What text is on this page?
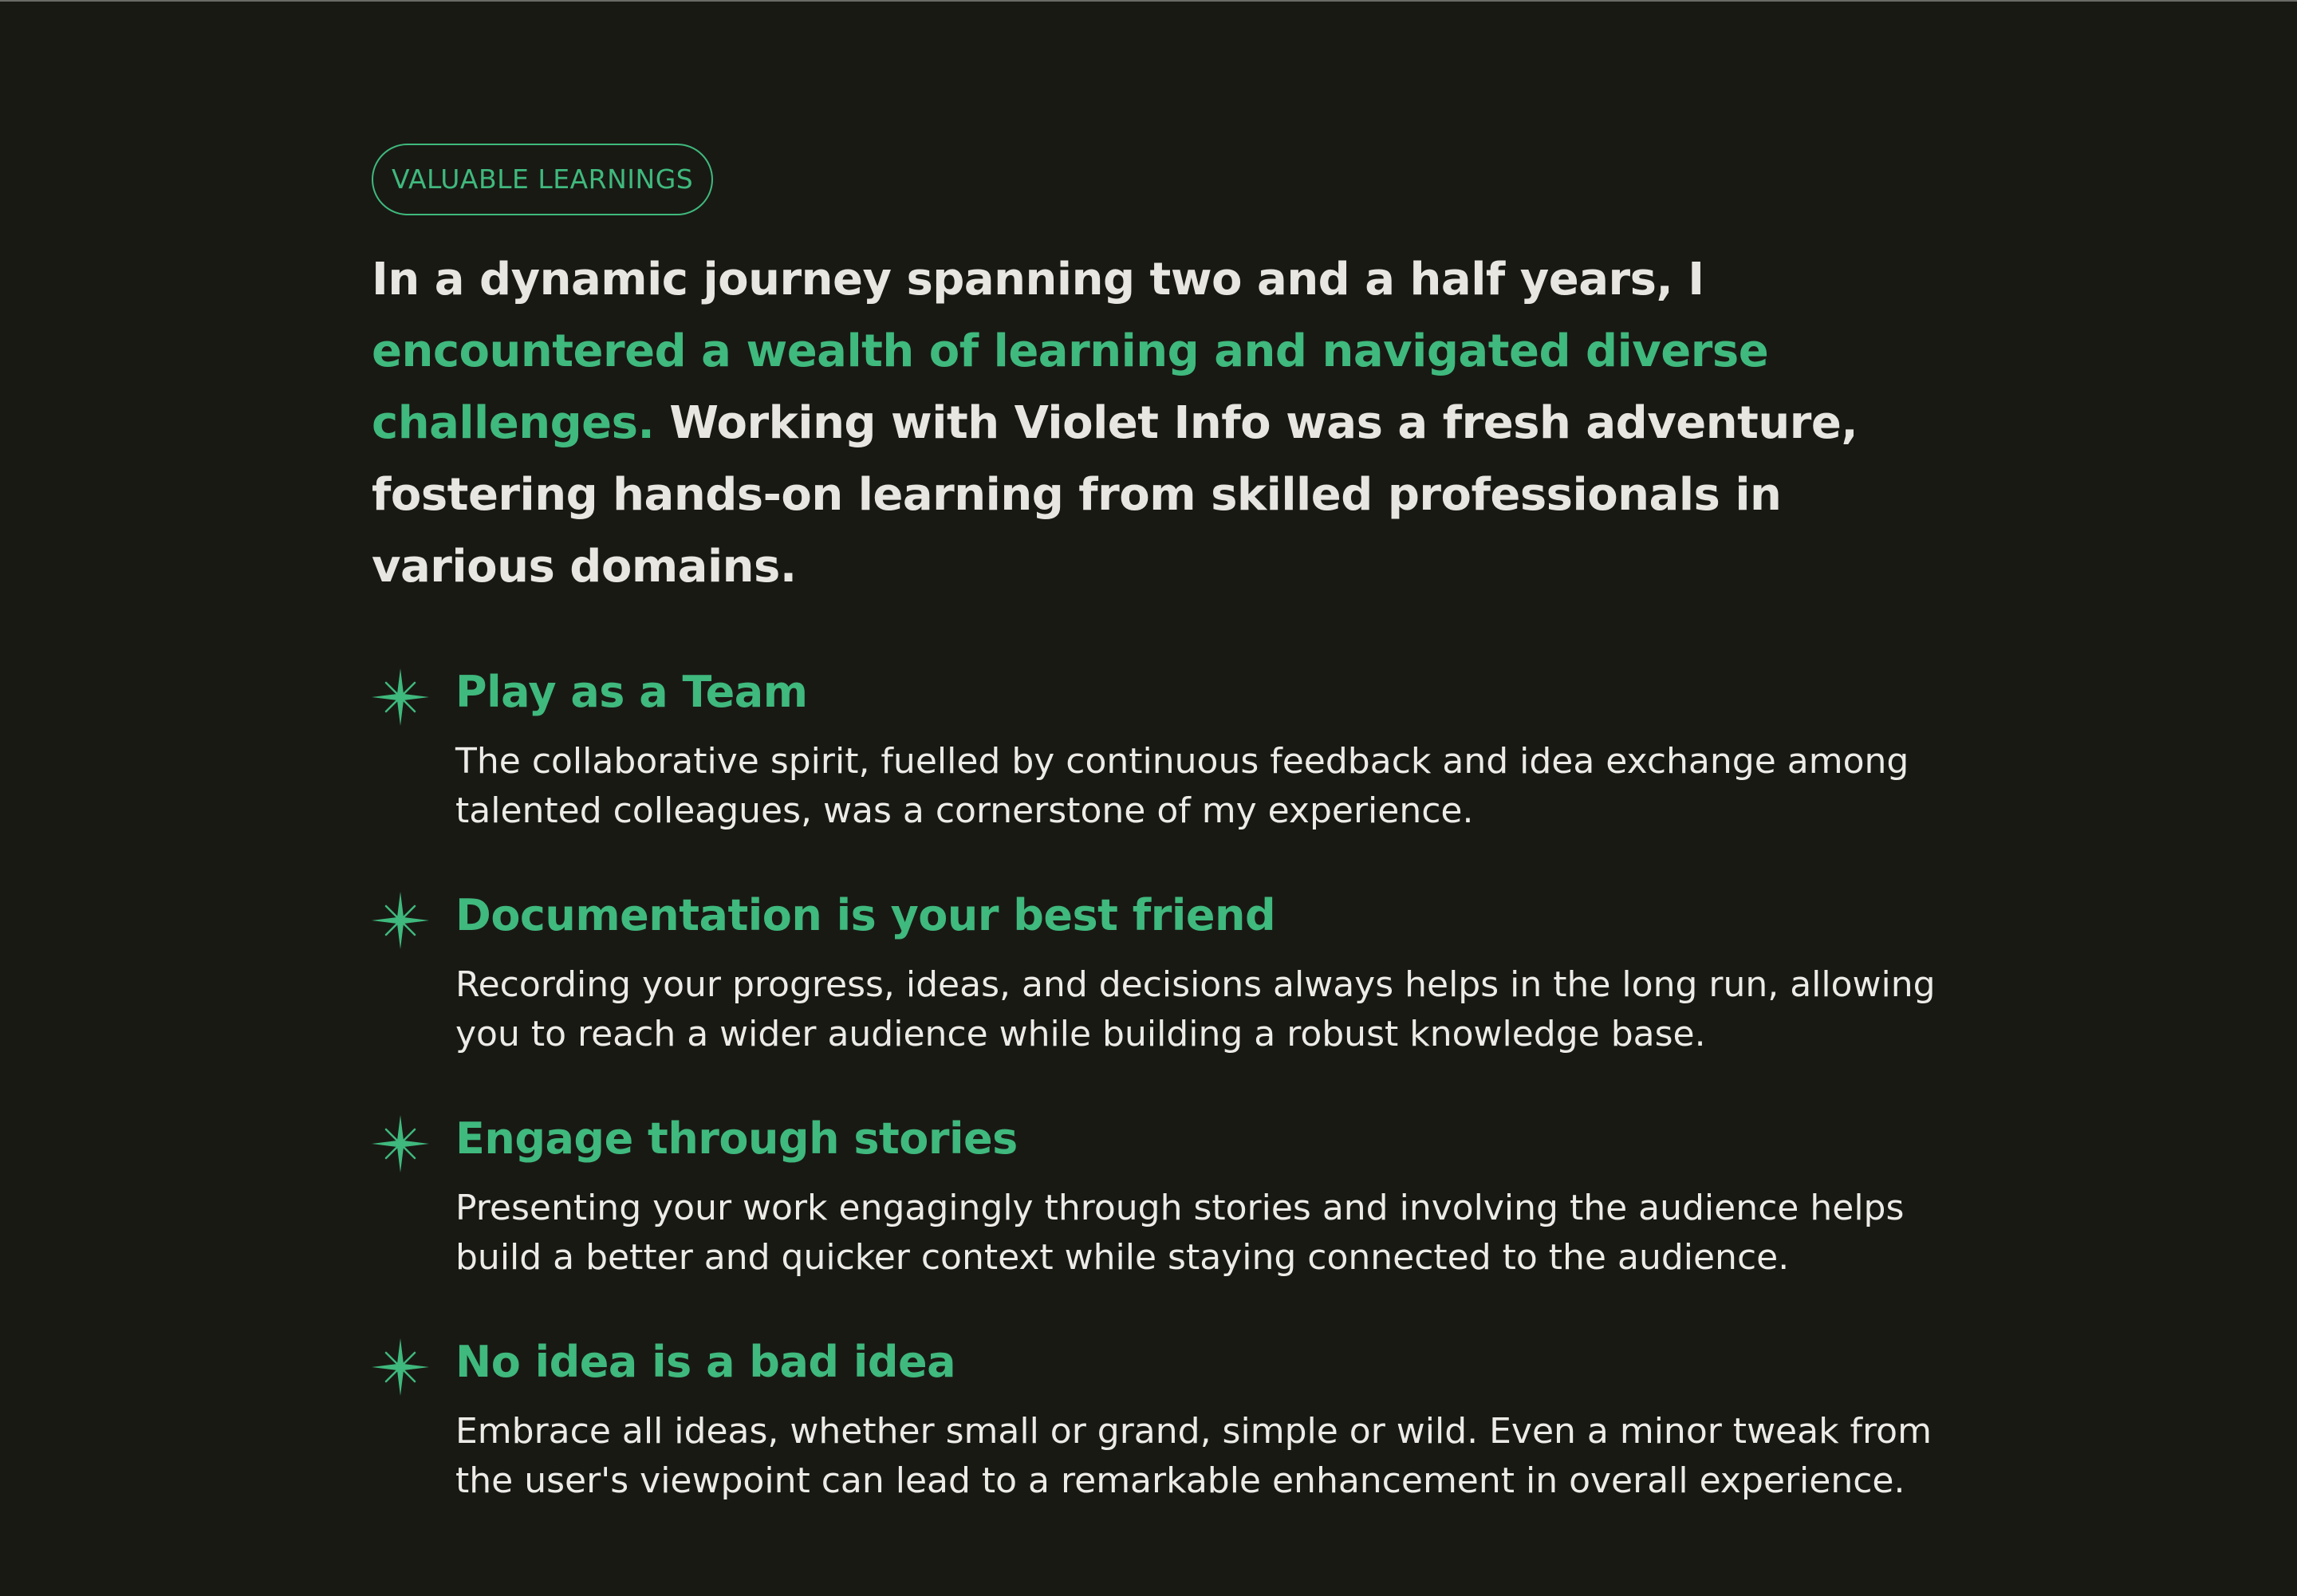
VALUABLE LEARNINGS

In a dynamic journey spanning two and a half years, I encountered a wealth of learning and navigated diverse challenges. Working with Violet Info was a fresh adventure, fostering hands-on learning from skilled professionals in various domains.

Play as a Team
The collaborative spirit, fuelled by continuous feedback and idea exchange among talented colleagues, was a cornerstone of my experience.
Documentation is your best friend
Recording your progress, ideas, and decisions always helps in the long run, allowing you to reach a wider audience while building a robust knowledge base.
Engage through stories
Presenting your work engagingly through stories and involving the audience helps build a better and quicker context while staying connected to the audience.
No idea is a bad idea
Embrace all ideas, whether small or grand, simple or wild. Even a minor tweak from the user's viewpoint can lead to a remarkable enhancement in overall experience.
